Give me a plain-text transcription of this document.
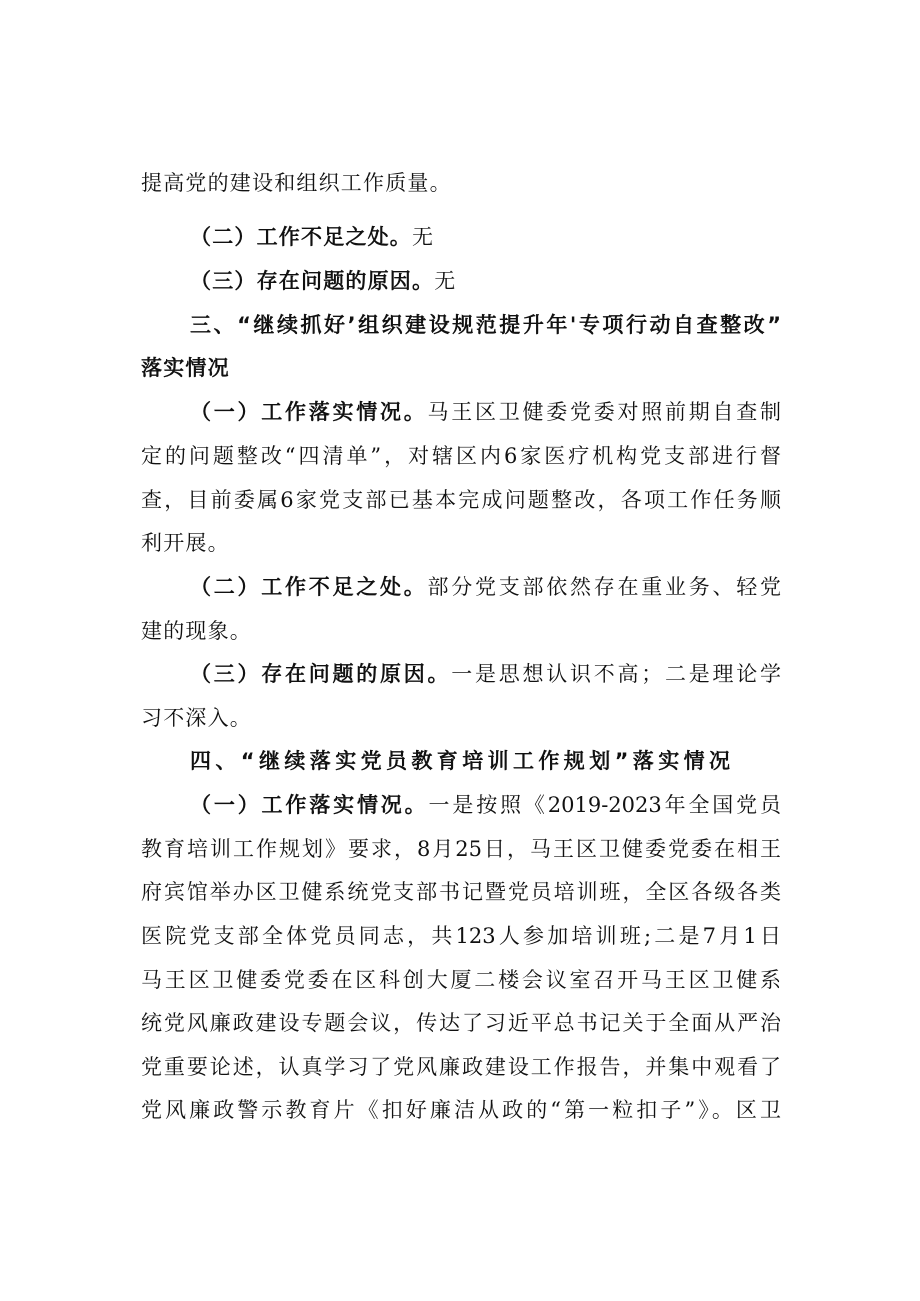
提高党的建设和组织工作质量。
（二）工作不足之处。无
（三）存在问题的原因。无
三、“继续抓好’组织建设规范提升年'专项行动自查整改”
落实情况
（一）工作落实情况。马王区卫健委党委对照前期自查制
定的问题整改“四清单”，对辖区内6家医疗机构党支部进行督
查，目前委属6家党支部已基本完成问题整改，各项工作任务顺
利开展。
（二）工作不足之处。部分党支部依然存在重业务、轻党
建的现象。
（三）存在问题的原因。一是思想认识不高；二是理论学
习不深入。
四、“继续落实党员教育培训工作规划”落实情况
（一）工作落实情况。一是按照《2019-2023年全国党员
教育培训工作规划》要求，8月25日，马王区卫健委党委在相王
府宾馆举办区卫健系统党支部书记暨党员培训班，全区各级各类
医院党支部全体党员同志，共123人参加培训班;二是7月1日
马王区卫健委党委在区科创大厦二楼会议室召开马王区卫健系
统党风廉政建设专题会议，传达了习近平总书记关于全面从严治
党重要论述，认真学习了党风廉政建设工作报告，并集中观看了
党风廉政警示教育片《扣好廉洁从政的“第一粒扣子”》。区卫
